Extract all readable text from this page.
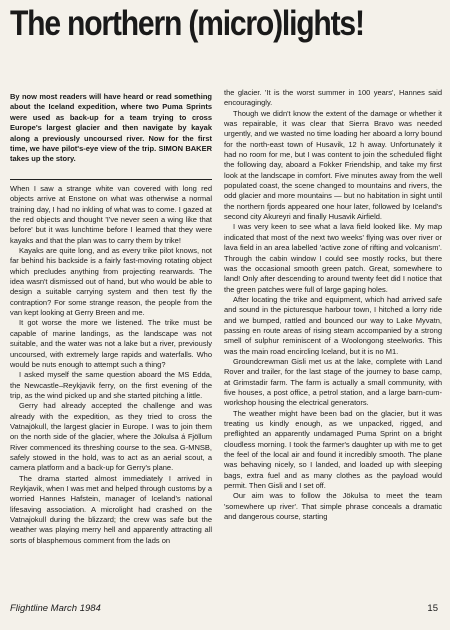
The northern (micro)lights!
By now most readers will have heard or read something about the Iceland expedition, where two Puma Sprints were used as back-up for a team trying to cross Europe's largest glacier and then navigate by kayak along a previously uncoursed river. Now for the first time, we have pilot's-eye view of the trip. SIMON BAKER takes up the story.

When I saw a strange white van covered with long red objects arrive at Enstone on what was otherwise a normal training day, I had no inkling of what was to come. I gazed at the red objects and thought 'I've never seen a wing like that before' but it was lunchtime before I learned that they were kayaks and that the plan was to carry them by trike!

Kayaks are quite long, and as every trike pilot knows, not far behind his backside is a fairly fast-moving rotating object which precludes anything from projecting rearwards. The idea wasn't dismissed out of hand, but who would be able to design a suitable carrying system and then test fly the contraption? For some strange reason, the people from the van kept looking at Gerry Breen and me.

It got worse the more we listened. The trike must be capable of marine landings, as the landscape was not suitable, and the water was not a lake but a river, previously uncoursed, with extremely large rapids and waterfalls. Who would be nuts enough to attempt such a thing?

I asked myself the same question aboard the MS Edda, the Newcastle–Reykjavik ferry, on the first evening of the trip, as the wind picked up and she started pitching a little.

Gerry had already accepted the challenge and was already with the expedition, as they tried to cross the Vatnajökull, the largest glacier in Europe. I was to join them on the north side of the glacier, where the Jökulsa á Fjöllum River commenced its threshing course to the sea. G-MNSB, safely stowed in the hold, was to act as an aerial scout, a camera platform and a back-up for Gerry's plane.

The drama started almost immediately I arrived in Reykjavik, when I was met and helped through customs by a worried Hannes Hafstein, manager of Iceland's national lifesaving association. A microlight had crashed on the Vatnajokull during the blizzard; the crew was safe but the weather was playing merry hell and apparently attracting all sorts of blasphemous comment from the lads on

the glacier. 'It is the worst summer in 100 years', Hannes said encouragingly.

Though we didn't know the extent of the damage or whether it was repairable, it was clear that Sierra Bravo was needed urgently, and we wasted no time loading her aboard a lorry bound for the north-east town of Husavik, 12 h away. Unfortunately it had no room for me, but I was content to join the scheduled flight the following day, aboard a Fokker Friendship, and take my first look at the landscape in comfort. Five minutes away from the well populated coast, the scene changed to mountains and rivers, the odd glacier and more mountains — but no habitation in sight until the northern fjords appeared one hour later, followed by Iceland's second city Akureyri and finally Husavik Airfield.

I was very keen to see what a lava field looked like. My map indicated that most of the next two weeks' flying was over river or lava field in an area labelled 'active zone of rifting and volcanism'. Through the cabin window I could see mostly rocks, but there was the occasional smooth green patch. Great, somewhere to land! Only after descending to around twenty feet did I notice that the green patches were full of large gaping holes.

After locating the trike and equipment, which had arrived safe and sound in the picturesque harbour town, I hitched a lorry ride and we bumped, rattled and bounced our way to Lake Myvatn, passing en route areas of rising steam accompanied by a strong smell of sulphur reminiscent of a Woolongong steelworks. This was the main road encircling Iceland, but it is no M1.

Groundcrewman Gisli met us at the lake, complete with Land Rover and trailer, for the last stage of the journey to base camp, at Grimstadir farm. The farm is actually a small community, with five houses, a post office, a petrol station, and a large barn-cum-workshop housing the electrical generators.

The weather might have been bad on the glacier, but it was treating us kindly enough, as we unpacked, rigged, and preflighted an apparently undamaged Puma Sprint on a bright cloudless morning. I took the farmer's daughter up with me to get the feel of the local air and found it incredibly smooth. The plane was behaving nicely, so I landed, and loaded up with sleeping bags, extra fuel and as many clothes as the payload would permit. Then Gisli and I set off.

Our aim was to follow the Jökulsa to meet the team 'somewhere up river'. That simple phrase conceals a dramatic and dangerous course, starting

Flightline March 1984	15
